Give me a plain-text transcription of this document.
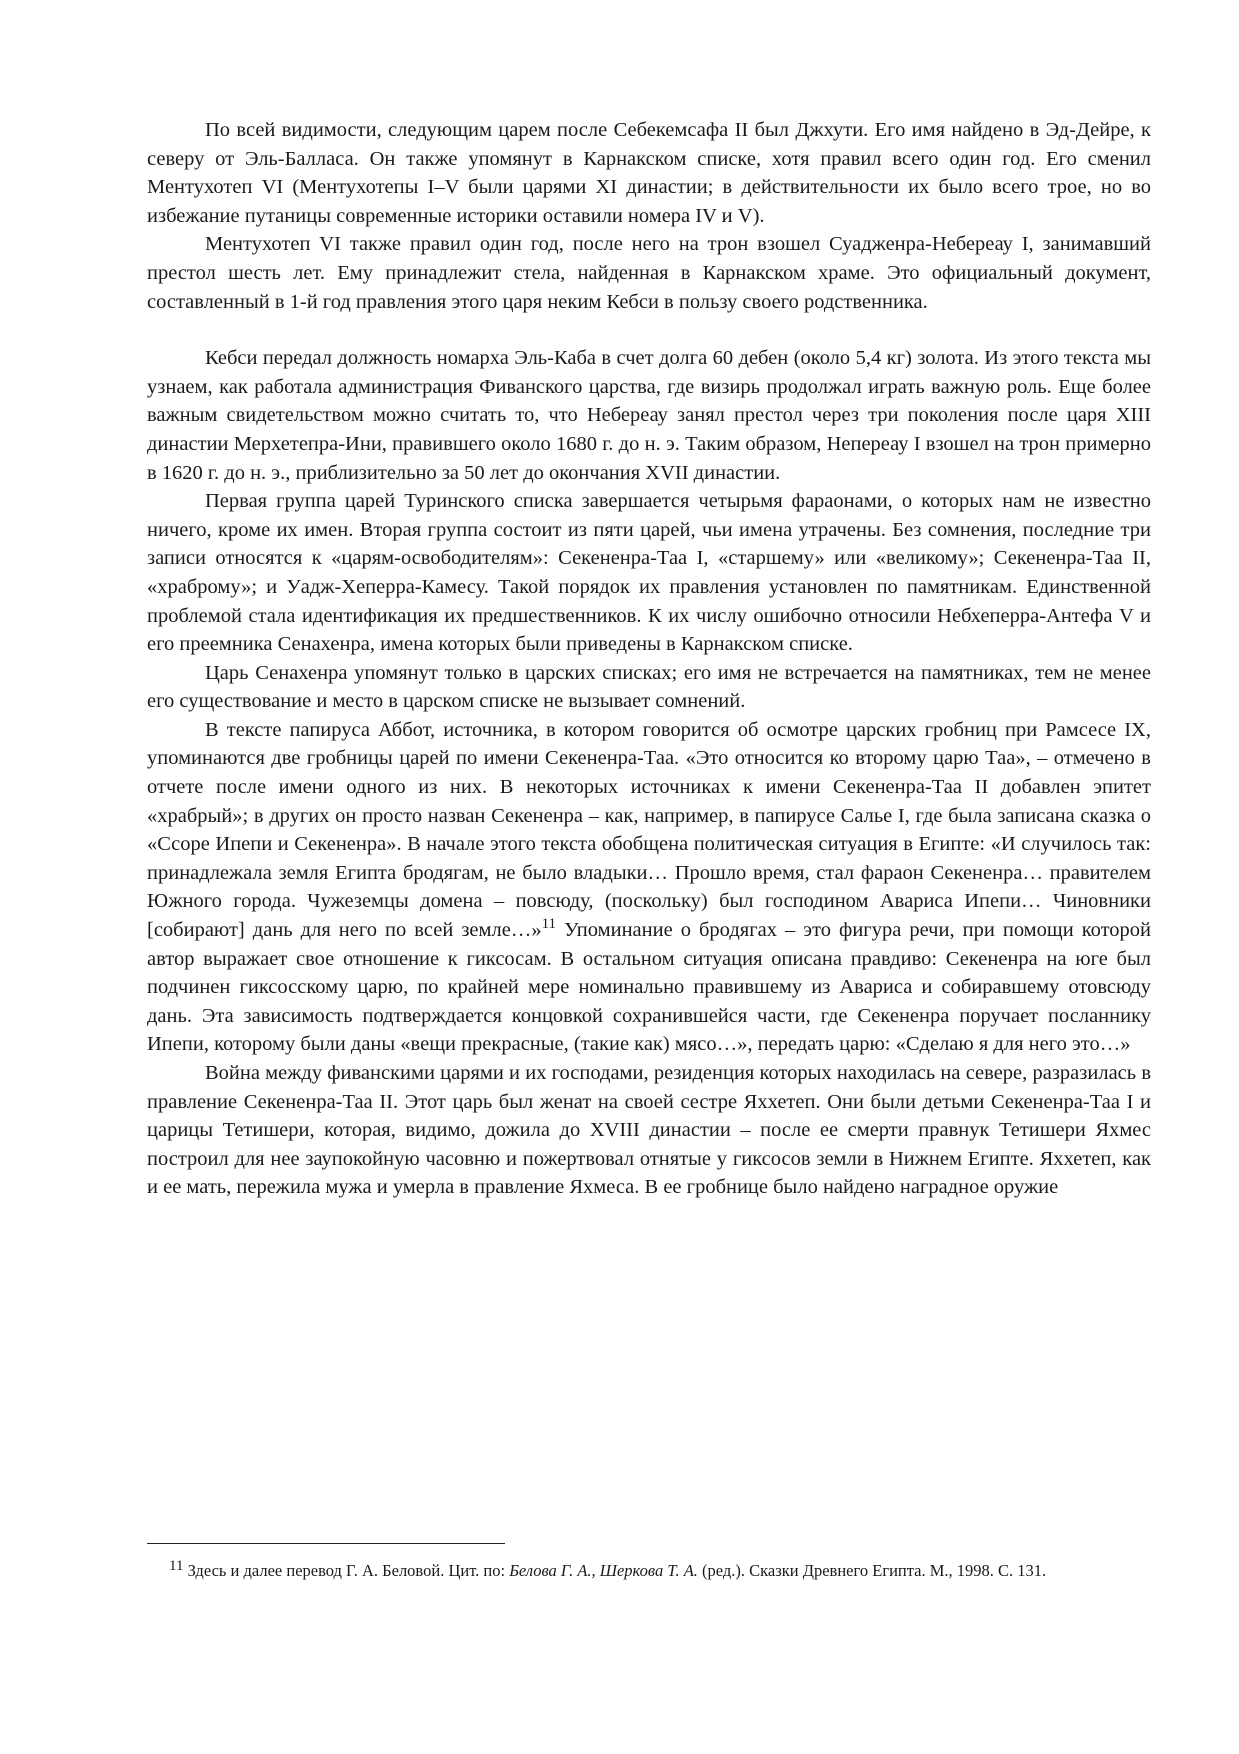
По всей видимости, следующим царем после Себекемсафа II был Джхути. Его имя найдено в Эд-Дейре, к северу от Эль-Балласа. Он также упомянут в Карнакском списке, хотя правил всего один год. Его сменил Ментухотеп VI (Ментухотепы I–V были царями XI династии; в действительности их было всего трое, но во избежание путаницы современные историки оставили номера IV и V).

Ментухотеп VI также правил один год, после него на трон взошел Суадженра-Небереау I, занимавший престол шесть лет. Ему принадлежит стела, найденная в Карнакском храме. Это официальный документ, составленный в 1-й год правления этого царя неким Кебси в пользу своего родственника.

Кебси передал должность номарха Эль-Каба в счет долга 60 дебен (около 5,4 кг) золота. Из этого текста мы узнаем, как работала администрация Фиванского царства, где визирь продолжал играть важную роль. Еще более важным свидетельством можно считать то, что Небереау занял престол через три поколения после царя XIII династии Мерхетепра-Ини, правившего около 1680 г. до н. э. Таким образом, Непереау I взошел на трон примерно в 1620 г. до н. э., приблизительно за 50 лет до окончания XVII династии.

Первая группа царей Туринского списка завершается четырьмя фараонами, о которых нам не известно ничего, кроме их имен. Вторая группа состоит из пяти царей, чьи имена утрачены. Без сомнения, последние три записи относятся к «царям-освободителям»: Секененра-Таа I, «старшему» или «великому»; Секененра-Таа II, «храброму»; и Уадж-Хеперра-Камесу. Такой порядок их правления установлен по памятникам. Единственной проблемой стала идентификация их предшественников. К их числу ошибочно относили Небхеперра-Антефа V и его преемника Сенахенра, имена которых были приведены в Карнакском списке.

Царь Сенахенра упомянут только в царских списках; его имя не встречается на памятниках, тем не менее его существование и место в царском списке не вызывает сомнений.

В тексте папируса Аббот, источника, в котором говорится об осмотре царских гробниц при Рамсесе IX, упоминаются две гробницы царей по имени Секененра-Таа. «Это относится ко второму царю Таа», – отмечено в отчете после имени одного из них. В некоторых источниках к имени Секененра-Таа II добавлен эпитет «храбрый»; в других он просто назван Секененра – как, например, в папирусе Салье I, где была записана сказка о «Ссоре Ипепи и Секененра». В начале этого текста обобщена политическая ситуация в Египте: «И случилось так: принадлежала земля Египта бродягам, не было владыки… Прошло время, стал фараон Секененра… правителем Южного города. Чужеземцы домена – повсюду, (поскольку) был господином Авариса Ипепи… Чиновники [собирают] дань для него по всей земле…»$^{11}$ Упоминание о бродягах – это фигура речи, при помощи которой автор выражает свое отношение к гиксосам. В остальном ситуация описана правдиво: Секененра на юге был подчинен гиксосскому царю, по крайней мере номинально правившему из Авариса и собиравшему отовсюду дань. Эта зависимость подтверждается концовкой сохранившейся части, где Секененра поручает посланнику Ипепи, которому были даны «вещи прекрасные, (такие как) мясо…», передать царю: «Сделаю я для него это…»

Война между фиванскими царями и их господами, резиденция которых находилась на севере, разразилась в правление Секененра-Таа II. Этот царь был женат на своей сестре Яххетеп. Они были детьми Секененра-Таа I и царицы Тетишери, которая, видимо, дожила до XVIII династии – после ее смерти правнук Тетишери Яхмес построил для нее заупокойную часовню и пожертвовал отнятые у гиксосов земли в Нижнем Египте. Яххетеп, как и ее мать, пережила мужа и умерла в правление Яхмеса. В ее гробнице было найдено наградное оружие

$^{11}$ Здесь и далее перевод Г. А. Беловой. Цит. по: Белова Г. А., Шеркова Т. А. (ред.). Сказки Древнего Египта. М., 1998. С. 131.
